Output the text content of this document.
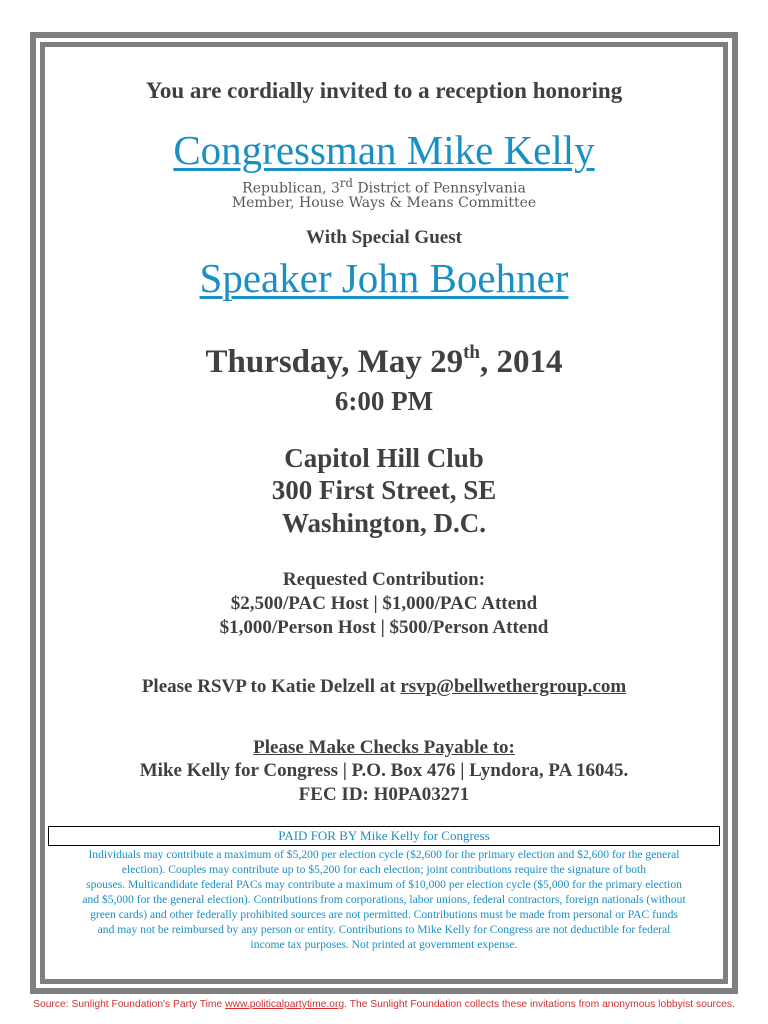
You are cordially invited to a reception honoring

Congressman Mike Kelly

Republican, 3rd District of Pennsylvania

Member, House Ways & Means Committee

With Special Guest

Speaker John Boehner

Thursday, May 29th, 2014

6:00 PM

Capitol Hill Club

300 First Street, SE

Washington, D.C.

Requested Contribution:

$2,500/PAC Host | $1,000/PAC Attend

$1,000/Person Host | $500/Person Attend

Please RSVP to Katie Delzell at rsvp@bellwethergroup.com

Please Make Checks Payable to:

Mike Kelly for Congress | P.O. Box 476 | Lyndora, PA 16045.

FEC ID: H0PA03271

PAID FOR BY Mike Kelly for Congress
Individuals may contribute a maximum of $5,200 per election cycle ($2,600 for the primary election and $2,600 for the general
election). Couples may contribute up to $5,200 for each election; joint contributions require the signature of both
spouses. Multicandidate federal PACs may contribute a maximum of $10,000 per election cycle ($5,000 for the primary election
and $5,000 for the general election). Contributions from corporations, labor unions, federal contractors, foreign nationals (without
green cards) and other federally prohibited sources are not permitted. Contributions must be made from personal or PAC funds
and may not be reimbursed by any person or entity. Contributions to Mike Kelly for Congress are not deductible for federal
income tax purposes. Not printed at government expense.
Source: Sunlight Foundation's Party Time www.politicalpartytime.org. The Sunlight Foundation collects these invitations from anonymous lobbyist sources.
